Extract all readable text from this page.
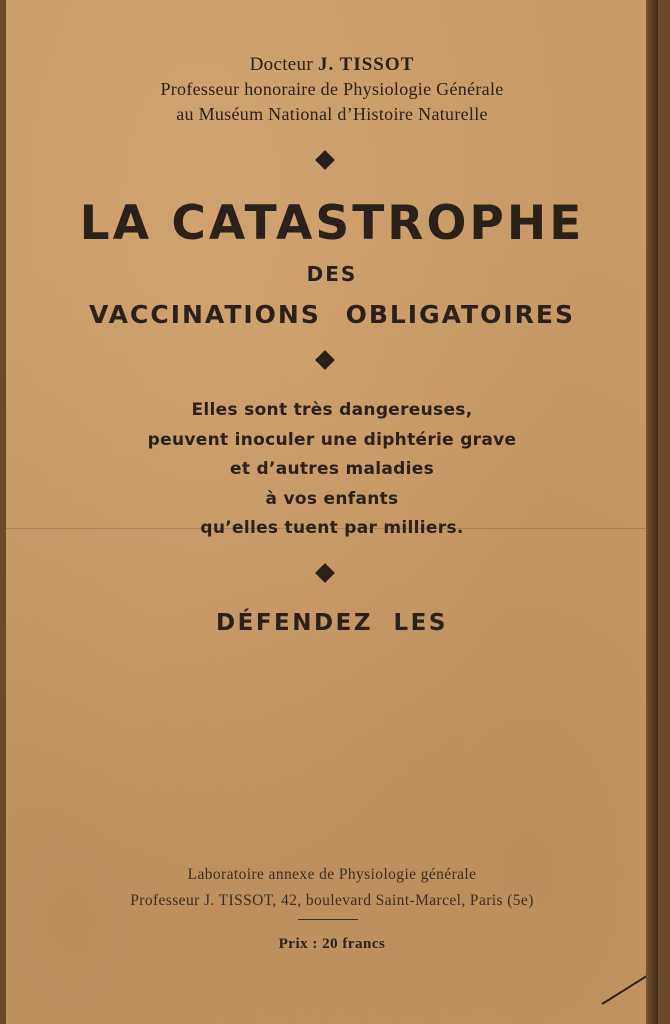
Docteur J. TISSOT
Professeur honoraire de Physiologie Générale
au Muséum National d’Histoire Naturelle
LA CATASTROPHE
DES
VACCINATIONS OBLIGATOIRES
Elles sont très dangereuses,
peuvent inoculer une diphtérie grave
et d’autres maladies
à vos enfants
qu’elles tuent par milliers.
DÉFENDEZ LES
Laboratoire annexe de Physiologie générale
Professeur J. TISSOT, 42, boulevard Saint-Marcel, Paris (5e)
Prix : 20 francs
